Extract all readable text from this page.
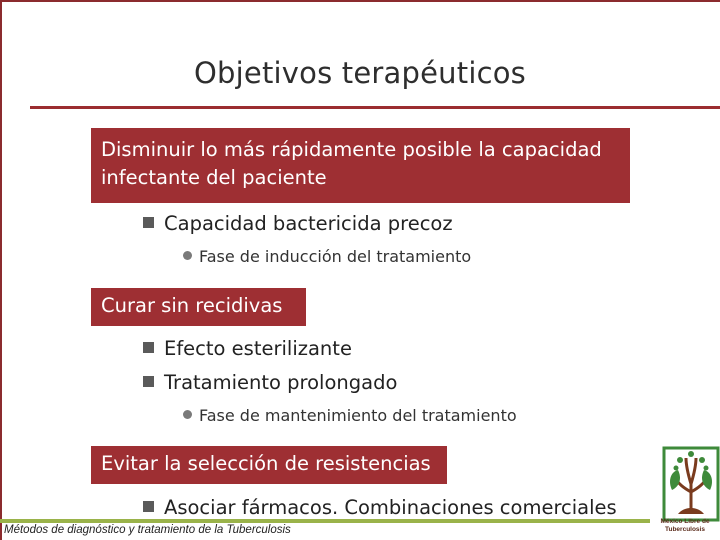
Objetivos terapéuticos
Disminuir lo más rápidamente posible la capacidad
infectante del paciente
Capacidad bactericida precoz
Fase de inducción del tratamiento
Curar sin recidivas
Efecto esterilizante
Tratamiento prolongado
Fase de mantenimiento del tratamiento
Evitar la selección de resistencias
Asociar fármacos. Combinaciones comerciales
Métodos de diagnóstico y tratamiento de la Tuberculosis
México Libre de
Tuberculosis
